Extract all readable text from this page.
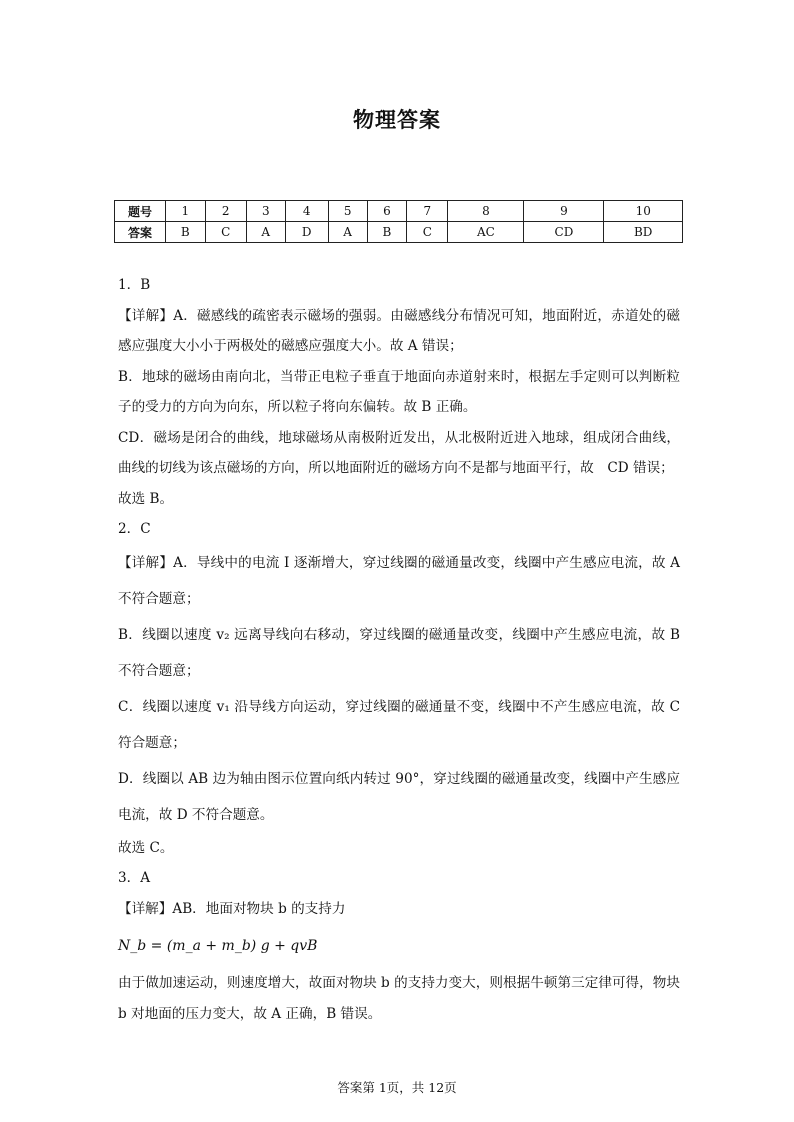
物理答案
题号	1	2	3	4	5	6	7	8	9	10
答案	B	C	A	D	A	B	C	AC	CD	BD

1．B

【详解】A．磁感线的疏密表示磁场的强弱。由磁感线分布情况可知，地面附近，赤道处的磁感应强度大小小于两极处的磁感应强度大小。故 A 错误；

B．地球的磁场由南向北，当带正电粒子垂直于地面向赤道射来时，根据左手定则可以判断粒子的受力的方向为向东，所以粒子将向东偏转。故 B 正确。

CD．磁场是闭合的曲线，地球磁场从南极附近发出，从北极附近进入地球，组成闭合曲线，曲线的切线为该点磁场的方向，所以地面附近的磁场方向不是都与地面平行，故　CD 错误；

故选 B。

2．C

【详解】A．导线中的电流 I 逐渐增大，穿过线圈的磁通量改变，线圈中产生感应电流，故 A 不符合题意；

B．线圈以速度 v₂ 远离导线向右移动，穿过线圈的磁通量改变，线圈中产生感应电流，故 B 不符合题意；

C．线圈以速度 v₁ 沿导线方向运动，穿过线圈的磁通量不变，线圈中不产生感应电流，故 C 符合题意；

D．线圈以 AB 边为轴由图示位置向纸内转过 90°，穿过线圈的磁通量改变，线圈中产生感应电流，故 D 不符合题意。

故选 C。

3．A

【详解】AB．地面对物块 b 的支持力

N_b = (m_a + m_b) g + qvB

由于做加速运动，则速度增大，故面对物块 b 的支持力变大，则根据牛顿第三定律可得，物块 b 对地面的压力变大，故 A 正确，B 错误。

答案第 1页，共 12页
